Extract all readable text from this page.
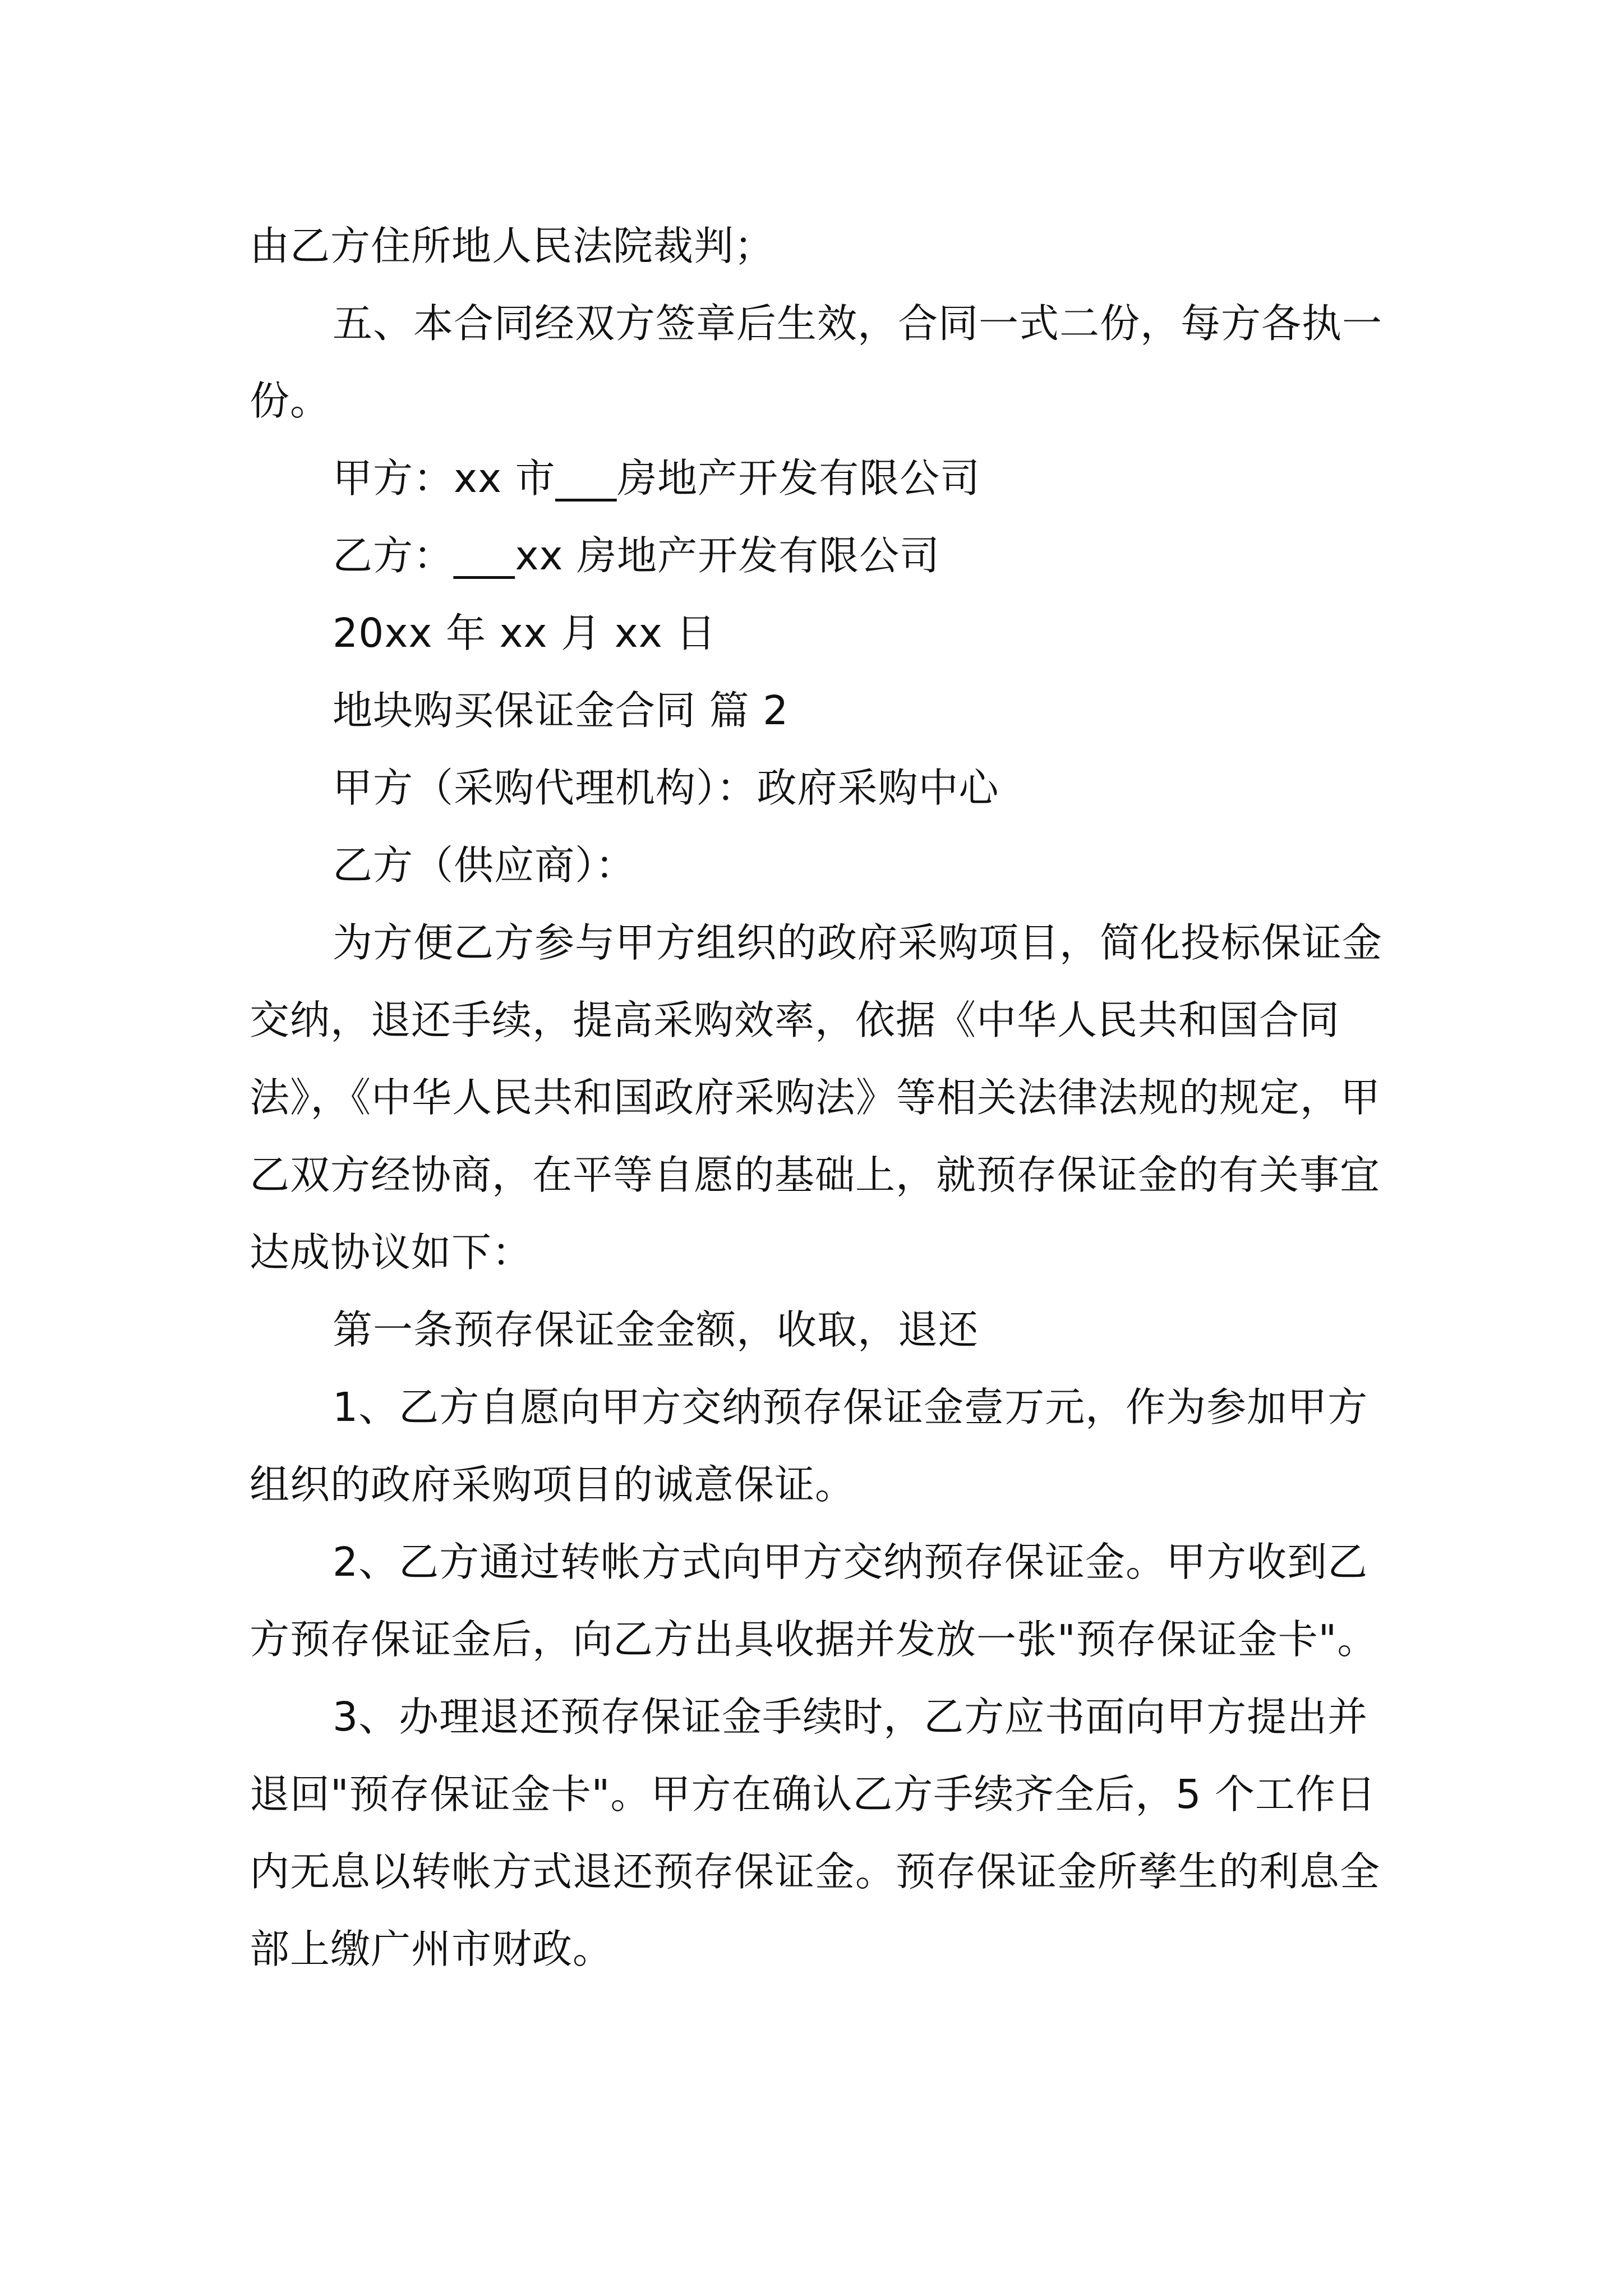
由乙方住所地人民法院裁判；

五、本合同经双方签章后生效，合同一式二份，每方各执一份。

甲方：xx 市___房地产开发有限公司

乙方：___xx 房地产开发有限公司

20xx 年 xx 月 xx 日

地块购买保证金合同 篇 2

甲方（采购代理机构）：政府采购中心

乙方（供应商）：

为方便乙方参与甲方组织的政府采购项目，简化投标保证金交纳，退还手续，提高采购效率，依据《中华人民共和国合同法》，《中华人民共和国政府采购法》等相关法律法规的规定，甲乙双方经协商，在平等自愿的基础上，就预存保证金的有关事宜达成协议如下：

第一条预存保证金金额，收取，退还

1、乙方自愿向甲方交纳预存保证金壹万元，作为参加甲方组织的政府采购项目的诚意保证。

2、乙方通过转帐方式向甲方交纳预存保证金。甲方收到乙方预存保证金后，向乙方出具收据并发放一张"预存保证金卡"。

3、办理退还预存保证金手续时，乙方应书面向甲方提出并退回"预存保证金卡"。甲方在确认乙方手续齐全后，5 个工作日内无息以转帐方式退还预存保证金。预存保证金所孳生的利息全部上缴广州市财政。
